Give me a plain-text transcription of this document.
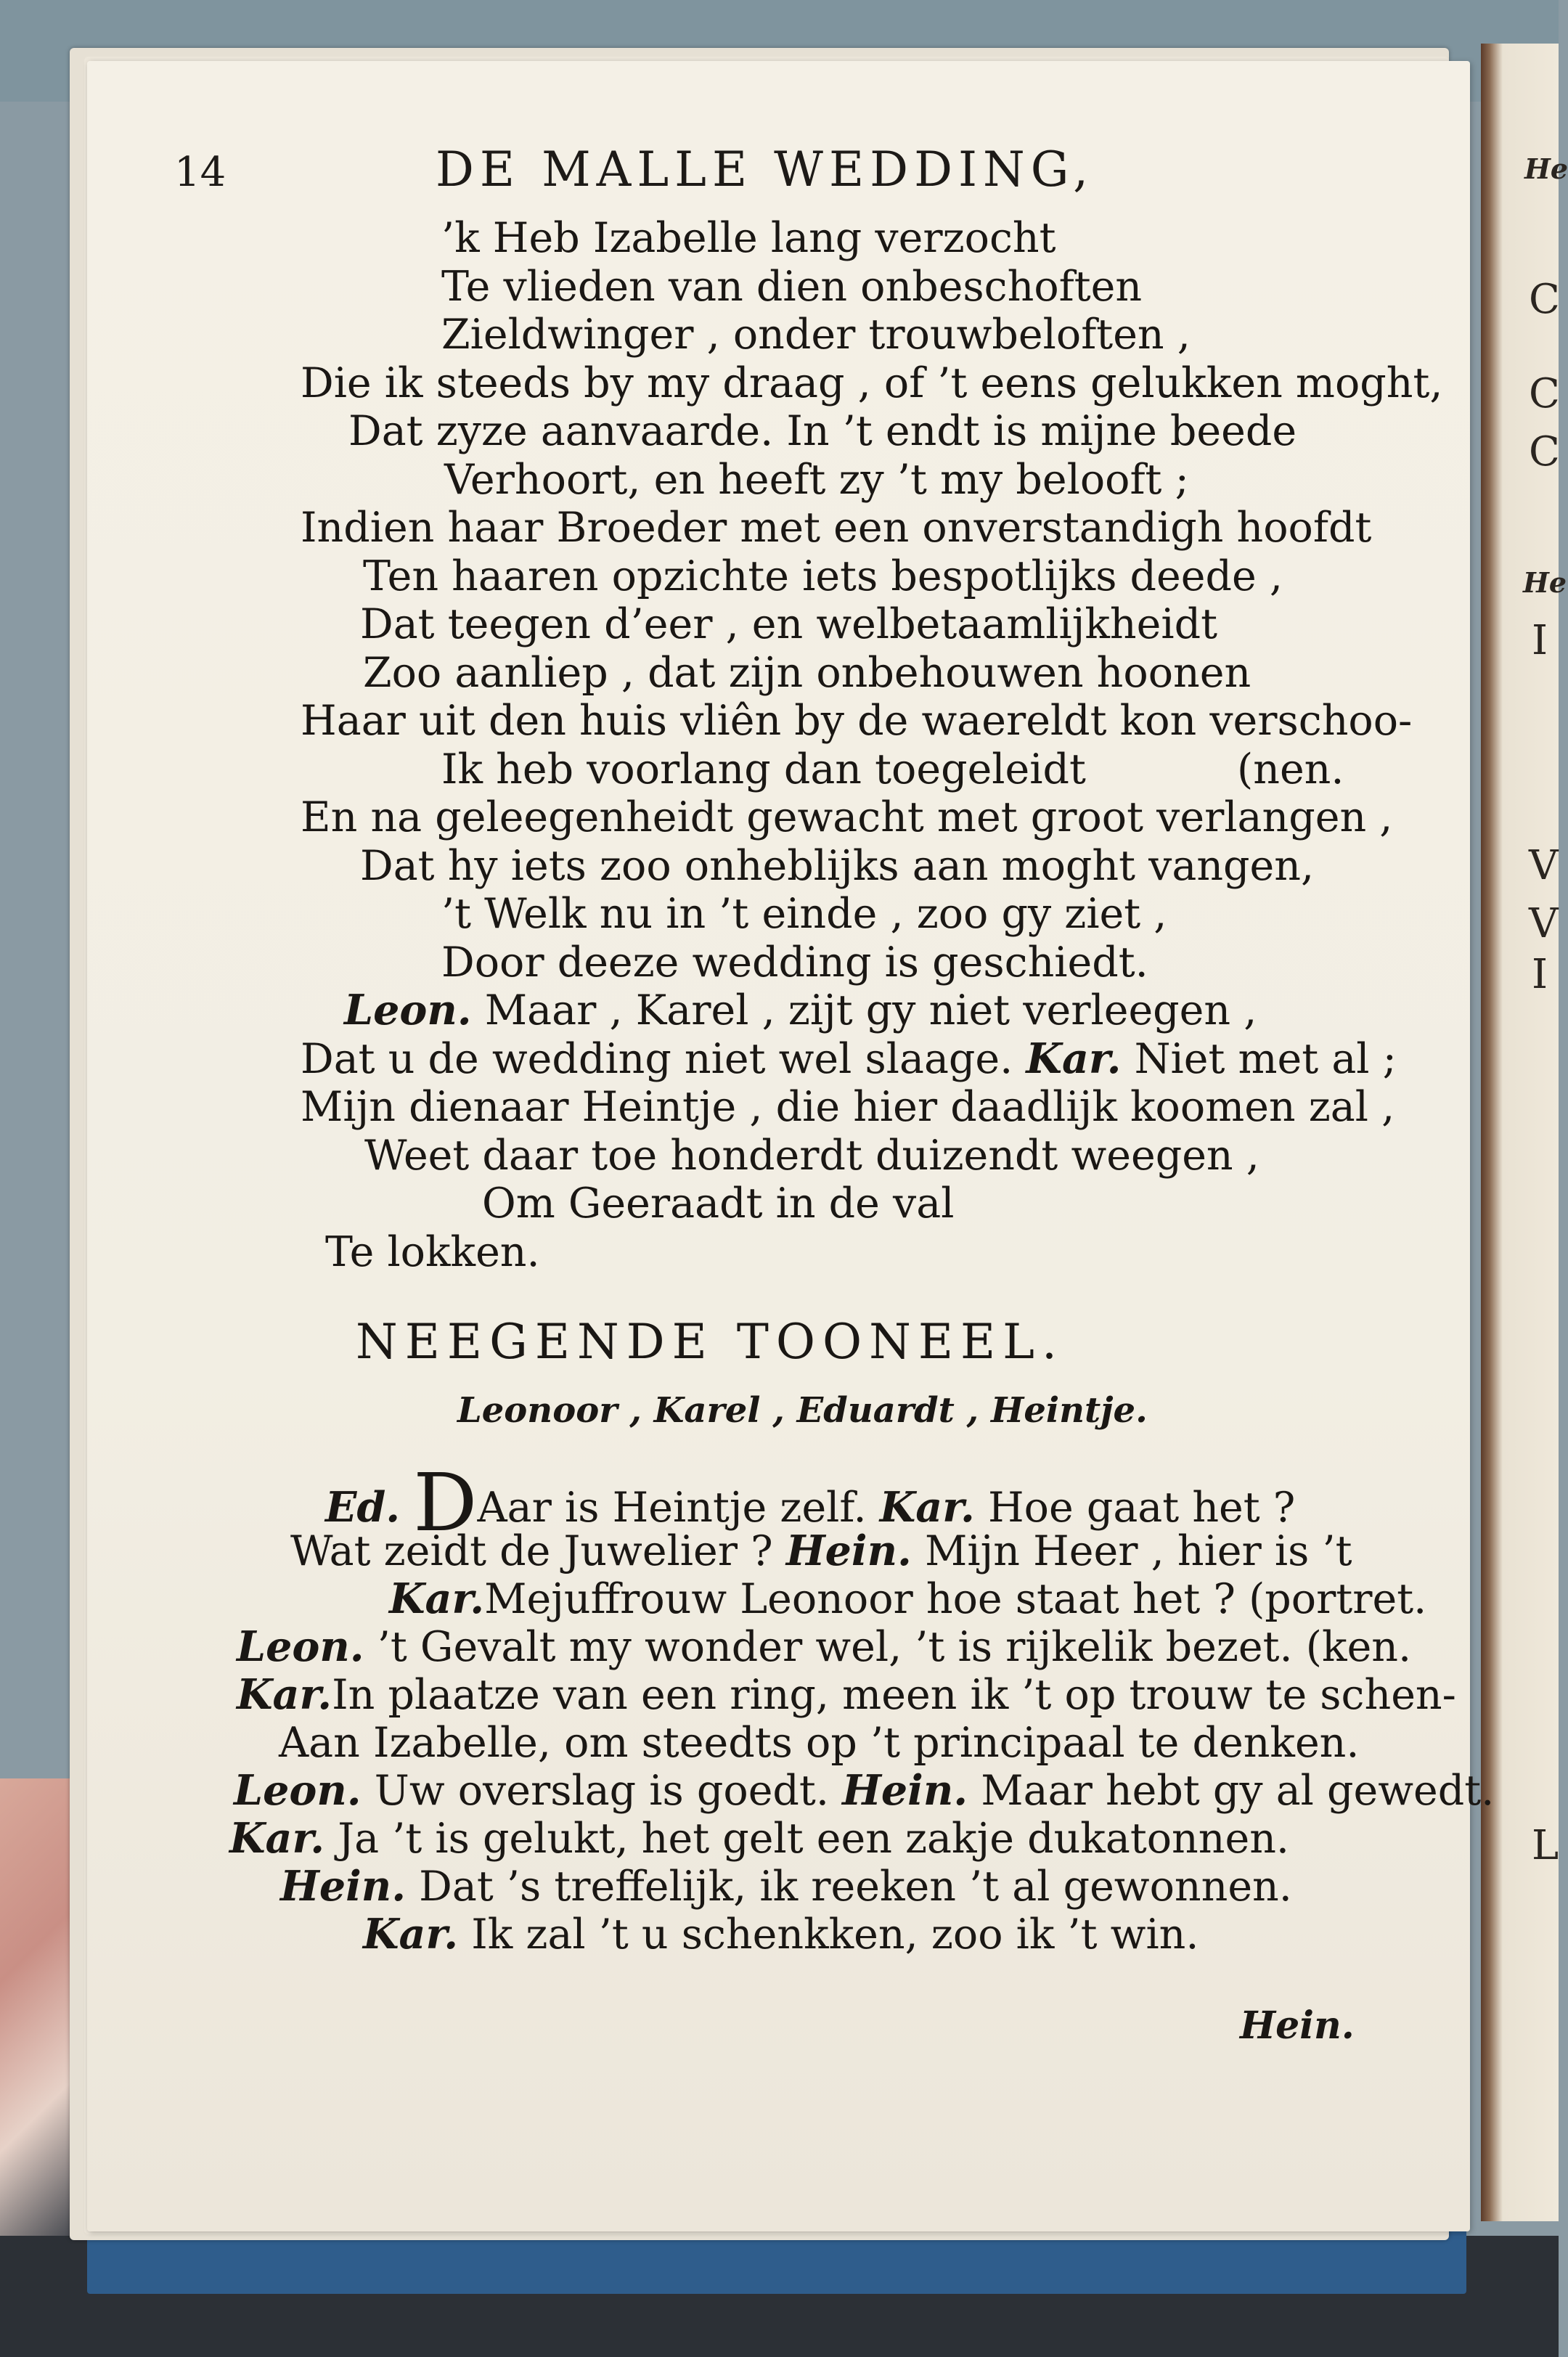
He
C
C
C
He
I
V
V
I
L
14	DE MALLE WEDDING,
’k Heb Izabelle lang verzocht
Te vlieden van dien onbeschoften
Zieldwinger , onder trouwbeloften ,
Die ik steeds by my draag , of ’t eens gelukken moght,
Dat zyze aanvaarde. In ’t endt is mijne beede
Verhoort, en heeft zy ’t my belooft ;
Indien haar Broeder met een onverstandigh hoofdt
Ten haaren opzichte iets bespotlijks deede ,
Dat teegen d’eer , en welbetaamlijkheidt
Zoo aanliep , dat zijn onbehouwen hoonen
Haar uit den huis vliên by de waereldt kon verschoo-
Ik heb voorlang dan toegeleidt	(nen.
En na geleegenheidt gewacht met groot verlangen ,
Dat hy iets zoo onheblijks aan moght vangen,
’t Welk nu in ’t einde , zoo gy ziet ,
Door deeze wedding is geschiedt.
Leon. Maar , Karel , zijt gy niet verleegen ,
Dat u de wedding niet wel slaage. Kar. Niet met al ;
Mijn dienaar Heintje , die hier daadlijk koomen zal ,
Weet daar toe honderdt duizendt weegen ,
Om Geeraadt in de val
Te lokken.
NEEGENDE TOONEEL.
Leonoor , Karel , Eduardt , Heintje.
Ed. DAar is Heintje zelf. Kar. Hoe gaat het ?
Wat zeidt de Juwelier ? Hein. Mijn Heer , hier is ’t
Kar.Mejuffrouw Leonoor hoe staat het ? (portret.
Leon. ’t Gevalt my wonder wel, ’t is rijkelik bezet. (ken.
Kar.In plaatze van een ring, meen ik ’t op trouw te schen-
Aan Izabelle, om steedts op ’t principaal te denken.
Leon. Uw overslag is goedt. Hein. Maar hebt gy al gewedt.
Kar. Ja ’t is gelukt, het gelt een zakje dukatonnen.
Hein. Dat ’s treffelijk, ik reeken ’t al gewonnen.
Kar. Ik zal ’t u schenkken, zoo ik ’t win.
Hein.
